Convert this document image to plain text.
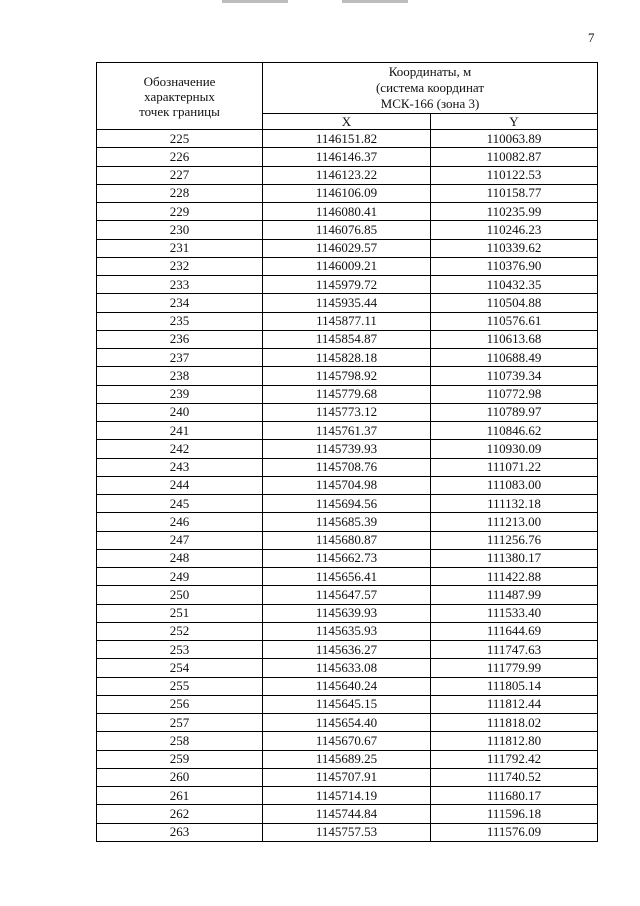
7
Обозначение
характерных
точек границы	Координаты, м
(система координат
МСК-166 (зона 3)	

	X	Y
225	1146151.82	110063.89
226	1146146.37	110082.87
227	1146123.22	110122.53
228	1146106.09	110158.77
229	1146080.41	110235.99
230	1146076.85	110246.23
231	1146029.57	110339.62
232	1146009.21	110376.90
233	1145979.72	110432.35
234	1145935.44	110504.88
235	1145877.11	110576.61
236	1145854.87	110613.68
237	1145828.18	110688.49
238	1145798.92	110739.34
239	1145779.68	110772.98
240	1145773.12	110789.97
241	1145761.37	110846.62
242	1145739.93	110930.09
243	1145708.76	111071.22
244	1145704.98	111083.00
245	1145694.56	111132.18
246	1145685.39	111213.00
247	1145680.87	111256.76
248	1145662.73	111380.17
249	1145656.41	111422.88
250	1145647.57	111487.99
251	1145639.93	111533.40
252	1145635.93	111644.69
253	1145636.27	111747.63
254	1145633.08	111779.99
255	1145640.24	111805.14
256	1145645.15	111812.44
257	1145654.40	111818.02
258	1145670.67	111812.80
259	1145689.25	111792.42
260	1145707.91	111740.52
261	1145714.19	111680.17
262	1145744.84	111596.18
263	1145757.53	111576.09
